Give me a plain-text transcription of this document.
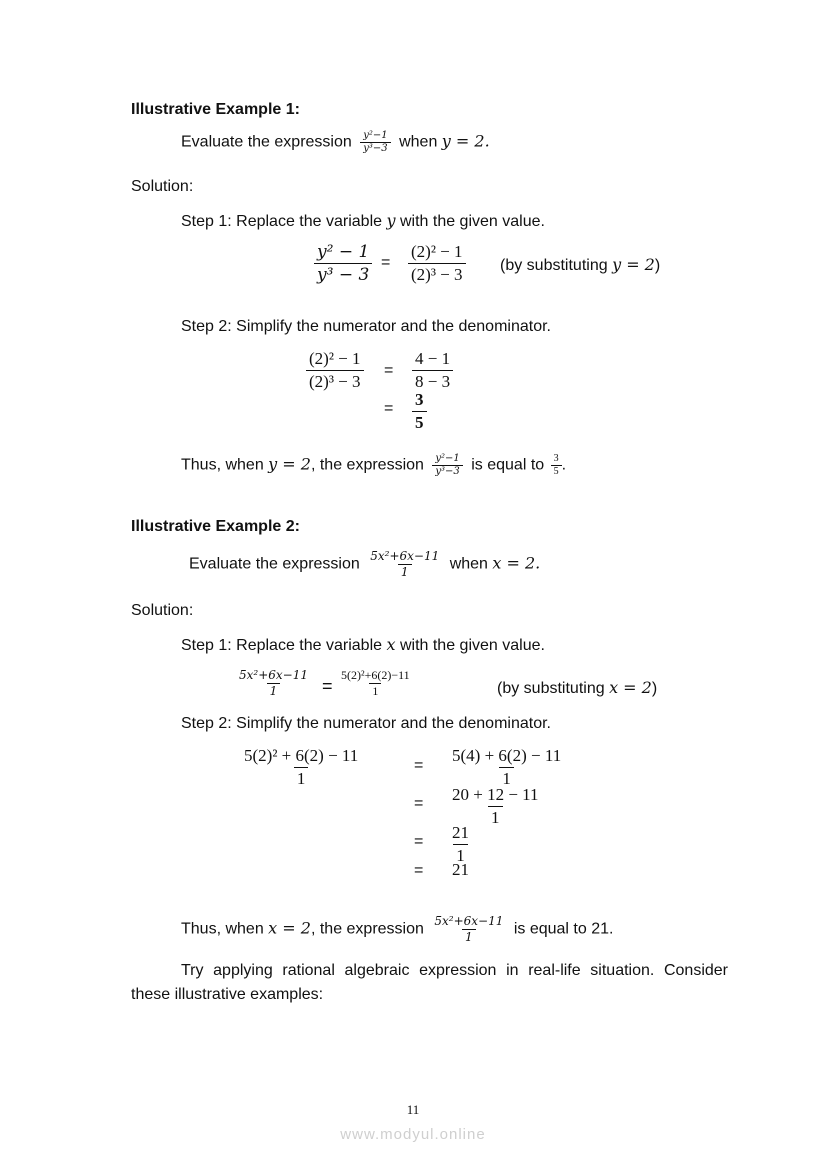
Illustrative Example 1:
Evaluate the expression $\frac{\text{y²−1}}{\text{y³−3}}$ when y = 2.
Solution:
Step 1: Replace the variable y with the given value.
$\frac{\text{y² − 1}}{\text{y³ − 3}} = \frac{\text{(2)² − 1}}{\text{(2)³ − 3}} (by$ substituting y = 2)
Step 2: Simplify the numerator and the denominator.
$\frac{\text{(2)² − 1}}{\text{(2)³ − 3}} = \frac{4 - 1}{8 - 3}$
= $\frac{3}{5}$
Thus, when y = 2, the expression $\frac{\text{y²−1}}{\text{y³−3}}$ is equal to $\frac{3}{5}$ .
Illustrative Example 2:
Evaluate the expression $\frac{\text{5x²+6x−11}}{1}$ when x = 2.
Solution:
Step 1: Replace the variable x with the given value.
$\frac{\text{5x²+6x−11}}{1} = \frac{\text{5(2)²+6(2)−11}}{1}$	(by substituting x = 2)
Step 2: Simplify the numerator and the denominator.
$\frac{\text{5(2)² + 6(2) − 11}}{1}$	= $\frac{5(4) + 6(2) - 11}{1}$
= $\frac{20 + 12 - 11}{1}$
= $\frac{21}{1}$
= 21
Thus, when x = 2, the expression $\frac{\text{5x²+6x−11}}{1}$ is equal to 21.
Try applying rational algebraic expression in real-life situation. Consider these illustrative examples:
11
www.modyul.online
